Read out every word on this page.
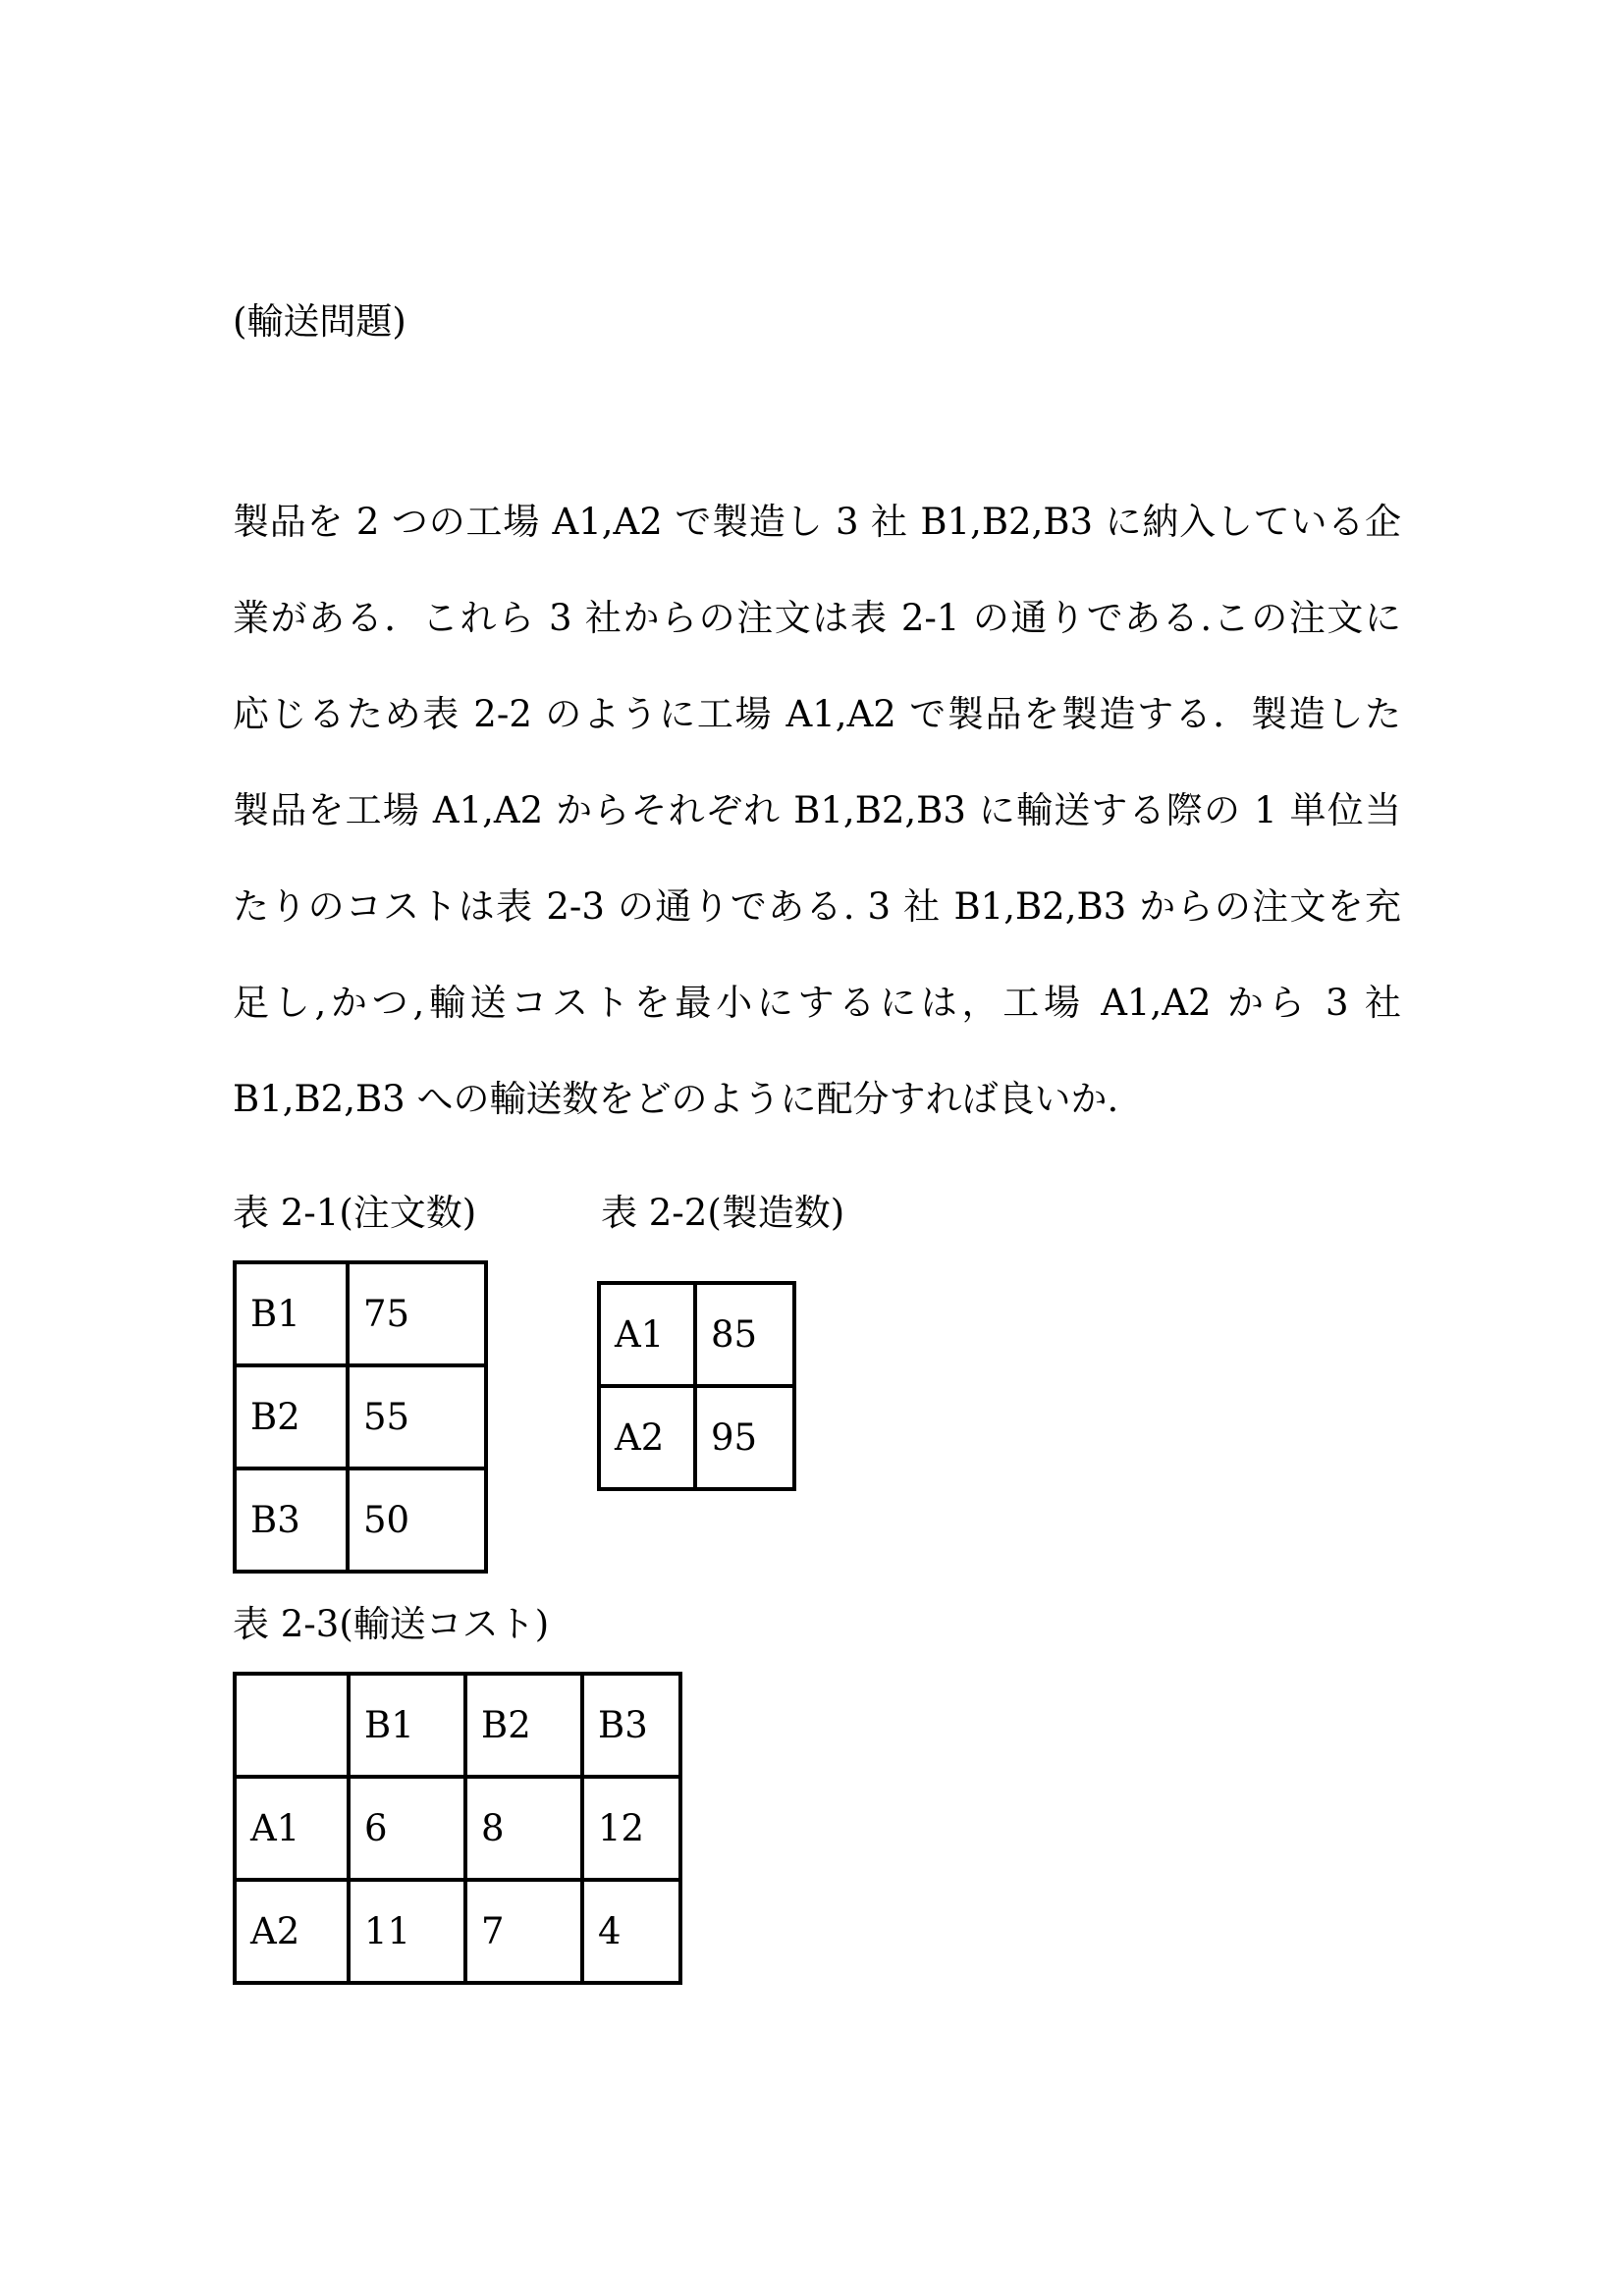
(輸送問題)
製品を 2 つの工場 A1,A2 で製造し 3 社 B1,B2,B3 に納入している企
業がある．これら 3 社からの注文は表 2-1 の通りである.この注文に
応じるため表 2-2 のように工場 A1,A2 で製品を製造する．製造した
製品を工場 A1,A2 からそれぞれ B1,B2,B3 に輸送する際の 1 単位当
たりのコストは表 2-3 の通りである. 3 社 B1,B2,B3 からの注文を充
足し,かつ,輸送コストを最小にするには，工場 A1,A2 から 3 社
B1,B2,B3 への輸送数をどのように配分すれば良いか.
表 2-1(注文数)
B1	75
B2	55
B3	50
表 2-2(製造数)
A1	85
A2	95
表 2-3(輸送コスト)
	B1	B2	B3
A1	6	8	12
A2	11	7	4
